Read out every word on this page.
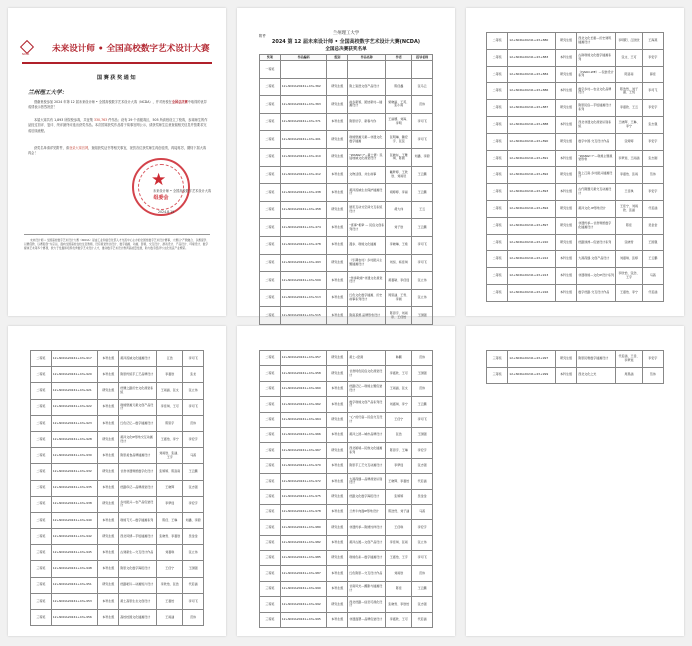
NCDA
未来设计师 • 全国高校数字艺术设计大赛
国赛获奖通知
兰州理工大学：
感谢贵校参加 2024 年第 12 届未来设计师 • 全国高校数字艺术设计大赛（NCDA），并对贵校在全国总决赛中取得的优异成绩表示热烈祝贺！
本届大赛共有 1,893 所院校参赛，共征集 330,763 件作品；设有 29 个省级赛区，505 所高校设立了校赛，参赛师生的作品经过初评、复评、终评最终评选出获奖作品。本次国赛获奖作品将于赛事官网公示，请获奖师生注意查阅相关信息并按要求完成后续流程。
获奖名单请详见附件，请登录大赛官网，查阅获奖证书等相关事宜，祝贺各位获奖师生再创佳绩，再接再厉，期待下届大赛再会！
★
组委会
未来设计师 • 全国高校数字艺术设计大赛
2024.8.19
未来设计师 • 全国高校数字艺术设计大赛（NCDA）是由工业和信息化部人才交流中心主办的全国性数字艺术设计赛事，大赛以“产教融合、以赛促学、以赛促教、以赛促创”为宗旨，面向全国高校在校生及教师，设有视觉传达设计、数字插画、动画、影视、交互设计、游戏设计、产品设计、环境设计、数字媒体艺术等多个赛项，致力于发掘和培养优秀数字艺术设计人才，推动数字艺术设计教育高质量发展，助力数字经济与文化创意产业繁荣。
附件	兰州理工大学
2024 第 12 届未来设计师 • 全国高校数字艺术设计大赛(NCDA)
全国总决赛获奖名单
奖项	作品编码	组别	作品名称	作者	指导老师
一等奖					
二等奖	12+NCDA20241+43+362	研究生组	陇上瓷语文创产品设计	陈佳鑫	张马云
二等奖	12+NCDA20241+43+363	研究生组	故乡新貌、团结新村—插画设计	梁晓丽、王英、张小雨	范伟
二等奖	12+NCDA20241+43+371	本科生组	陇原好字、新春与你	王丽娜、刘海、李明	李司飞
二等奖	12+NCDA20241+43+401	研究生组	敦煌壁画元素—非遗文化数字插画	张明琳、魏宏宇、张蕊	李司飞
二等奖	12+NCDA20241+43+410	研究生组	“WANG!!!”--黄土情：民谣地域文化视觉设计	张晓东、王雅琪、陈晨	刘鑫、李蔚
二等奖	12+NCDA20241+43+412	本科生组	文物活现、共生故事	戴梦婷、王欣欣、刘雨辰	王云鹏
二等奖	12+NCDA20241+43+438	本科生组	黄河流域生态保护插画设计	胡婷婷、李丽	王云鹏
二等奖	12+NCDA20241+43+458	研究生组	展览互动式空间交互系统设计	胡大伟	王云
二等奖	12+NCDA20241+43+474	本科生组	“喜事”相牵 — 民俗文创系列设计	刘子欣	王云鹏
二等奖	12+NCDA20241+43+478	本科生组	漫步、敦煌文化插画	李晓琳、王艳	李司飞
二等奖	12+NCDA20241+43+493	研究生组	《乐趣农村》乡村振兴主题插画设计	刘恒、杨佳琪	李司飞
二等奖	12+NCDA20241+43+509	本科生组	“传承敦煌”非遗文化视觉设计	黄嘉敏、李佳瑶	张立伟
二等奖	12+NCDA20241+43+513	本科生组	红色文化数字插画、历史故事系列设计	周思涵、王雪、李晨	张立伟
二等奖	12+NCDA20241+43+515	本科生组	陇南茶源·品牌形象设计	陈思宇、刘雨彤、王佳怡	王国强
二等奖	12+NCDA20241+43+880	研究生组	西北文化长廊—历史建筑插画设计	李明阳、江欣欣	王海燕
二等奖	12+NCDA20241+43+883	本科生组	古韵敦煌文化数字插画系列	张文、王可	李宏宇
二等奖	12+NCDA20241+43+884	研究生组	《HAKO-WE》—包装设计系列	陈洛南	薛佳
二等奖	12+NCDA20241+43+886	本科生组	数字乡村—农业文化品牌设计	陈浩然、刘子涵、王悦	李司飞
二等奖	12+NCDA20241+43+887	研究生组	陇原民俗—手绘插画设计系列	李嘉欣、王云	李宏宇
二等奖	12+NCDA20241+43+888	本科生组	西北非遗文化视觉识别系统	王晓辉、王琳、李宁	张志强
二等奖	12+NCDA20241+43+890	研究生组	数字中国·交互设计作品	张婷婷	李宏宇
二等奖	12+NCDA20241+43+891	本科生组	“WANG!!!”—敦煌主题视觉形象	李梦瑶、王雨涵	张志刚
二等奖	12+NCDA20241+43+892	研究生组	陇上江南·乡村振兴插画设计	李嘉怡、张雨	范伟
二等奖	12+NCDA20241+43+893	本科生组	古代铜器元素交互动画设计	王佳琪	李宏宇
二等奖	12+NCDA20241+43+894	研究生组	黄河文化·IP形象设计	王佳宁、刘雨欣、张涵	代若涵
二等奖	12+NCDA20241+43+897	研究生组	非遗传承—甘肃剪纸数字化插画设计	陈佳	吴金金
二等奖	12+NCDA20241+43+910	研究生组	丝路绿洲—包装设计系列	张晓雪	王国强
二等奖	12+NCDA20241+43+912	本科生组	大漠孤烟·文创产品设计	刘嘉琪、张婷	王云鹏
二等奖	12+NCDA20241+43+913	本科生组	非遗敦煌—文化IP设计系列	李欣怡、张浩、王宇	马茜
二等奖	12+NCDA20241+43+916	本科生组	数字丝路·交互设计作品	王嘉怡、李宁	代若涵
二等奖	12+NCDA20241+43+917	本科生组	黄河流域文化插画设计	江浩	李司飞
二等奖	12+NCDA20241+43+920	本科生组	陇原传统手工艺品牌设计	李嘉欣	张龙
二等奖	12+NCDA20241+43+921	研究生组	丝绸之路历史文化视觉系统	王雨涵、张文	张立伟
二等奖	12+NCDA20241+43+922	本科生组	敦煌壁画元素文创产品设计	李佳琪、王可	李司飞
二等奖	12+NCDA20241+43+923	本科生组	红色记忆—数字插画设计	陈思宇	范伟
二等奖	12+NCDA20241+43+928	研究生组	黄河文化IP形象交互动画设计	王嘉怡、李宁	李宏宇
二等奖	12+NCDA20241+43+930	本科生组	陇原美食品牌插画设计	刘雨欣、张涵、王宇	马茜
二等奖	12+NCDA20241+43+932	研究生组	甘肃非遗剪纸数字化设计	张婷婷、陈洛南	王云鹏
二等奖	12+NCDA20241+43+935	本科生组	丝路印记—品牌视觉设计	王晓辉	张志强
二等奖	12+NCDA20241+43+938	研究生组	乡村振兴—农产品包装设计	李梦瑶	李宏宇
二等奖	12+NCDA20241+43+940	本科生组	敦煌飞天—数字插画系列	陈佳、王琳	刘鑫、李蔚
二等奖	12+NCDA20241+43+942	研究生组	西北风情—手绘插画设计	张晓雪、李嘉欣	吴金金
三等奖	12+NCDA20241+43+945	本科生组	古建新生—交互设计作品	刘嘉琪	张立伟
三等奖	12+NCDA20241+43+948	本科生组	陇原文化数字海报设计	王佳宁	王国强
三等奖	12+NCDA20241+43+951	研究生组	丝路驼铃—动画短片设计	李欣怡、张浩	代若涵
三等奖	12+NCDA20241+43+953	本科生组	黄土高原生态文创设计	王嘉怡	李司飞
三等奖	12+NCDA20241+43+956	本科生组	高校校园文化插画设计	王雨涵	范伟
二等奖	12+NCDA20241+43+957	研究生组	黄土•窑洞	韩鹏	范伟
二等奖	12+NCDA20241+43+958	研究生组	甘肃特色民俗文化视觉设计	李嘉欣、王可	王国强
二等奖	12+NCDA20241+43+960	本科生组	丝路记忆—敦煌主题包装设计	王雨涵、张文	范伟
二等奖	12+NCDA20241+43+962	本科生组	数字敦煌文创产品系列设计	刘嘉琪、李宁	王云鹏
二等奖	12+NCDA20241+43+964	研究生组	“心”的归宿—民俗交互设计	王佳宁	李司飞
二等奖	12+NCDA20241+43+966	本科生组	黄河之滨—城市品牌设计	张浩	王国强
二等奖	12+NCDA20241+43+967	研究生组	西北秘境—民族文化插画系列	陈思宇、王琳	李宏宇
三等奖	12+NCDA20241+43+970	本科生组	陇原手工艺交互动画设计	李梦瑶	张志强
三等奖	12+NCDA20241+43+972	本科生组	大漠孤烟—品牌视觉识别设计	王晓辉、李嘉怡	代若涵
三等奖	12+NCDA20241+43+975	研究生组	丝路文化数字海报设计	张婷婷	吴金金
三等奖	12+NCDA20241+43+978	本科生组	兰州牛肉面IP形象设计	陈浩然、刘子涵	马茜
三等奖	12+NCDA20241+43+980	研究生组	非遗传承—陇绣纹样设计	王佳琪	李宏宇
三等奖	12+NCDA20241+43+982	本科生组	黄河古渡—文创产品设计	李佳琪、张雨	张立伟
三等奖	12+NCDA20241+43+985	研究生组	敦煌色彩—数字插画设计	王嘉怡、王宇	李司飞
三等奖	12+NCDA20241+43+987	本科生组	红色陇原—交互设计作品	刘雨欣	范伟
三等奖	12+NCDA20241+43+990	本科生组	甘南风光—摄影与插画设计	陈佳	王云鹏
三等奖	12+NCDA20241+43+992	研究生组	西北丝路—信息可视化设计	张晓雪、李欣怡	张志强
三等奖	12+NCDA20241+43+995	本科生组	非遗面塑—品牌包装设计	李嘉欣、王可	代若涵
三等奖	12+NCDA20241+43+997	研究生组	陇原民歌数字插画设计	代若涵、王佳、李梦瑶	李宏宇
三等奖	12+NCDA20241+43+999	本科生组	西北文化之光	周思涵	范伟
